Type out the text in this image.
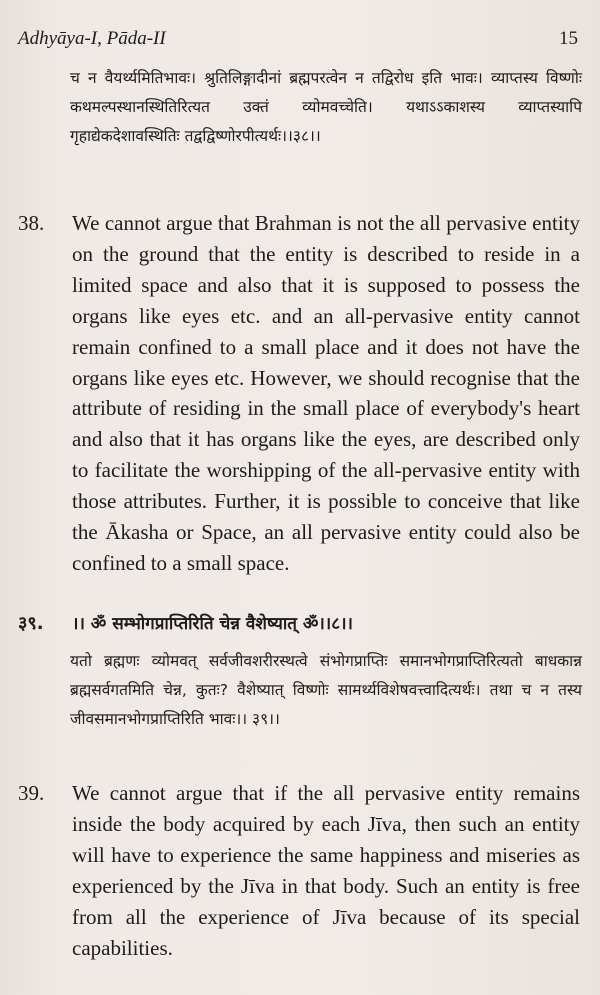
Adhyāya-I, Pāda-II	15

च न वैयर्थ्यमितिभावः। श्रुतिलिङ्गादीनां ब्रह्मपरत्वेन न तद्विरोध इति भावः। व्याप्तस्य विष्णोः कथमल्पस्थानस्थितिरित्यत उक्तं व्योमवच्चेति। यथाऽऽकाशस्य व्याप्तस्यापि गृहाद्येकदेशावस्थितिः तद्वद्विष्णोरपीत्यर्थः।।३८।।

38. We cannot argue that Brahman is not the all pervasive entity on the ground that the entity is described to reside in a limited space and also that it is supposed to possess the organs like eyes etc. and an all-pervasive entity cannot remain confined to a small place and it does not have the organs like eyes etc. However, we should recognise that the attribute of residing in the small place of everybody's heart and also that it has organs like the eyes, are described only to facilitate the worshipping of the all-pervasive entity with those attributes. Further, it is possible to conceive that like the Ākasha or Space, an all pervasive entity could also be confined to a small space.

३९. ।। ॐ सम्भोगप्राप्तिरिति चेन्न वैशेष्यात् ॐ।।८।।

यतो ब्रह्मणः व्योमवत् सर्वजीवशरीरस्थत्वे संभोगप्राप्तिः समानभोगप्राप्तिरित्यतो बाधकान्न ब्रह्मसर्वगतमिति चेन्न, कुतः? वैशेष्यात् विष्णोः सामर्थ्यविशेषवत्त्वादित्यर्थः। तथा च न तस्य जीवसमानभोगप्राप्तिरिति भावः।। ३९।।

39. We cannot argue that if the all pervasive entity remains inside the body acquired by each Jīva, then such an entity will have to experience the same happiness and miseries as experienced by the Jīva in that body. Such an entity is free from all the experience of Jīva because of its special capabilities.
